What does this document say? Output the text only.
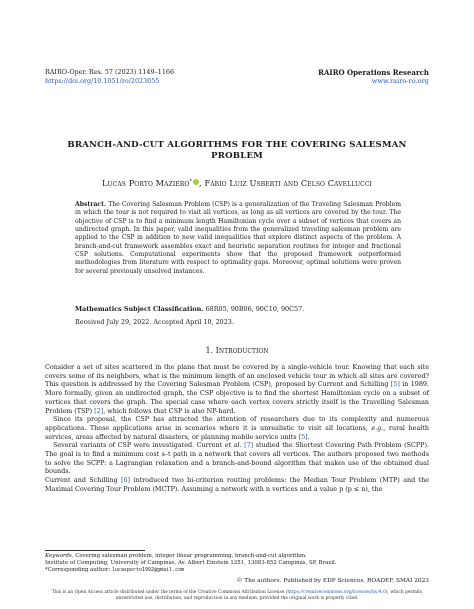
RAIRO-Oper. Res. 57 (2023) 1149–1166
https://doi.org/10.1051/ro/2023055
RAIRO Operations Research
www.rairo-ro.org
BRANCH-AND-CUT ALGORITHMS FOR THE COVERING SALESMAN
PROBLEM
Lucas Porto Maziero* , Fábio Luiz Usberti and Celso Cavellucci
Abstract. The Covering Salesman Problem (CSP) is a generalization of the Traveling Salesman Problem in which the tour is not required to visit all vertices, as long as all vertices are covered by the tour. The objective of CSP is to find a minimum length Hamiltonian cycle over a subset of vertices that covers an undirected graph. In this paper, valid inequalities from the generalized traveling salesman problem are applied to the CSP in addition to new valid inequalities that explore distinct aspects of the problem. A branch-and-cut framework assembles exact and heuristic separation routines for integer and fractional CSP solutions. Computational experiments show that the proposed framework outperformed methodologies from literature with respect to optimality gaps. Moreover, optimal solutions were proven for several previously unsolved instances.
Mathematics Subject Classification. 68R05, 90B06, 90C10, 90C57.
Received July 29, 2022. Accepted April 10, 2023.
1. Introduction

Consider a set of sites scattered in the plane that must be covered by a single-vehicle tour. Knowing that each site covers some of its neighbors, what is the minimum length of an enclosed vehicle tour in which all sites are covered? This question is addressed by the Covering Salesman Problem (CSP), proposed by Current and Schilling [5] in 1989. More formally, given an undirected graph, the CSP objective is to find the shortest Hamiltonian cycle on a subset of vertices that covers the graph. The special case where each vertex covers strictly itself is the Travelling Salesman Problem (TSP) [2], which follows that CSP is also NP-hard.

Since its proposal, the CSP has attracted the attention of researchers due to its complexity and numerous applications. These applications arise in scenarios where it is unrealistic to visit all locations, e.g., rural health services, areas affected by natural disasters, or planning mobile service units [5].

Several variants of CSP were investigated. Current et al. [7] studied the Shortest Covering Path Problem (SCPP). The goal is to find a minimum cost s–t path in a network that covers all vertices. The authors proposed two methods to solve the SCPP: a Lagrangian relaxation and a branch-and-bound algorithm that makes use of the obtained dual bounds.

Current and Schilling [6] introduced two bi-criterion routing problems: the Median Tour Problem (MTP) and the Maximal Covering Tour Problem (MCTP). Assuming a network with n vertices and a value p (p ≤ n), the

Keywords. Covering salesman problem, integer linear programming, branch-and-cut algorithm.
Institute of Computing, University of Campinas, Av. Albert Einstein 1251, 13083-852 Campinas, SP, Brazil.
*Corresponding author: lucasporto1992@gmail.com
© The authors. Published by EDP Sciences, ROADEF, SMAI 2023
This is an Open Access article distributed under the terms of the Creative Commons Attribution License (https://creativecommons.org/licenses/by/4.0), which permits unrestricted use, distribution, and reproduction in any medium, provided the original work is properly cited.
